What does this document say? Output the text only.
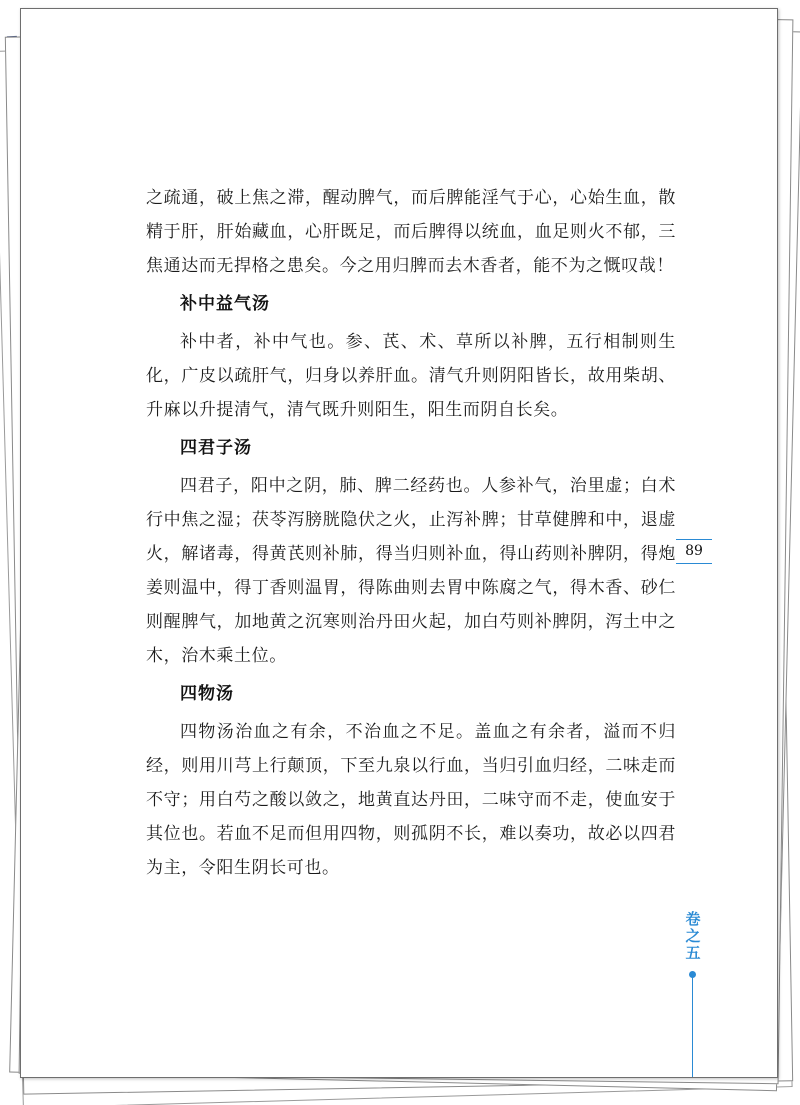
之疏通，破上焦之滞，醒动脾气，而后脾能淫气于心，心始生血，散精于肝，肝始藏血，心肝既足，而后脾得以统血，血足则火不郁，三焦通达而无捍格之患矣。今之用归脾而去木香者，能不为之慨叹哉！

补中益气汤

补中者，补中气也。参、芪、术、草所以补脾，五行相制则生化，广皮以疏肝气，归身以养肝血。清气升则阴阳皆长，故用柴胡、升麻以升提清气，清气既升则阳生，阳生而阴自长矣。

四君子汤

四君子，阳中之阴，肺、脾二经药也。人参补气，治里虚；白术行中焦之湿；茯苓泻膀胱隐伏之火，止泻补脾；甘草健脾和中，退虚火，解诸毒，得黄芪则补肺，得当归则补血，得山药则补脾阴，得炮姜则温中，得丁香则温胃，得陈曲则去胃中陈腐之气，得木香、砂仁则醒脾气，加地黄之沉寒则治丹田火起，加白芍则补脾阴，泻土中之木，治木乘土位。

四物汤

四物汤治血之有余，不治血之不足。盖血之有余者，溢而不归经，则用川芎上行颠顶，下至九泉以行血，当归引血归经，二味走而不守；用白芍之酸以敛之，地黄直达丹田，二味守而不走，使血安于其位也。若血不足而但用四物，则孤阴不长，难以奏功，故必以四君为主，令阳生阴长可也。

89
卷之五
